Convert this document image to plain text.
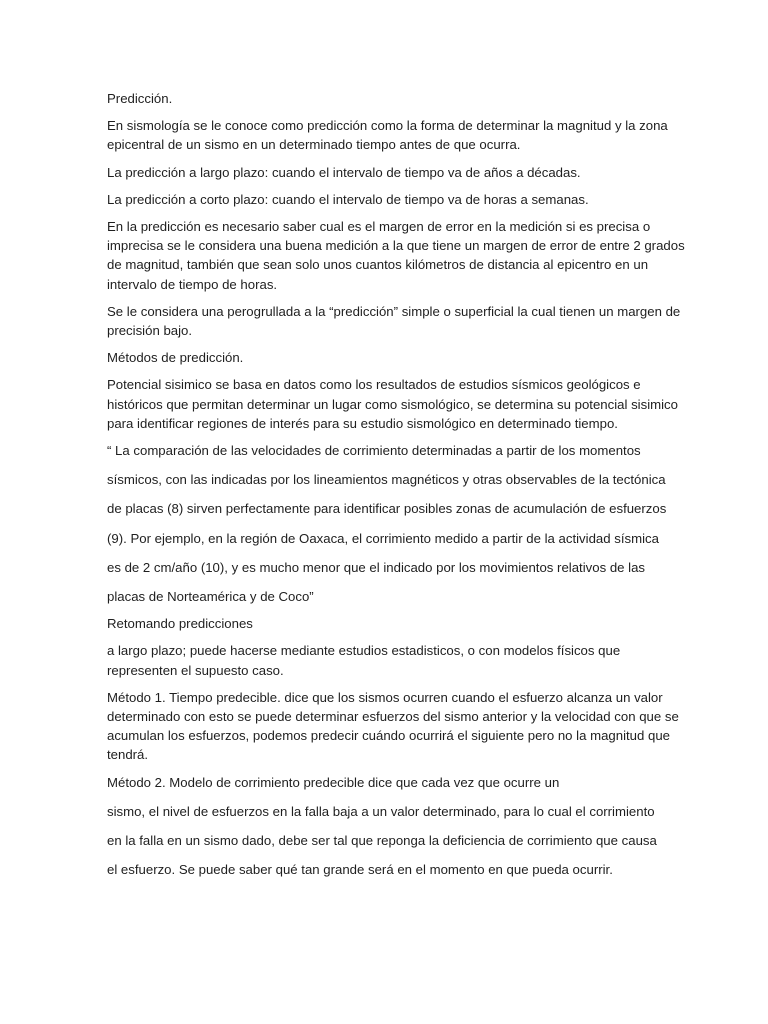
Predicción.

En sismología se le conoce como predicción como la forma de determinar la magnitud y la zona
epicentral de un sismo en un determinado tiempo antes de que ocurra.

La predicción a largo plazo: cuando el intervalo de tiempo va de años a décadas.

La predicción a corto plazo: cuando el intervalo de tiempo va de horas a semanas.

En la predicción es necesario saber cual es el margen de error en la medición si es precisa o
imprecisa se le considera una buena medición a la que tiene un margen de error de entre 2 grados
de magnitud, también que sean solo unos cuantos kilómetros de distancia al epicentro en un
intervalo de tiempo de horas.

Se le considera una perogrullada a la “predicción” simple o superficial la cual tienen un margen de
precisión bajo.

Métodos de predicción.

Potencial sisimico se basa en datos como los resultados de estudios sísmicos geológicos e
históricos que permitan determinar un lugar como sismológico, se determina su potencial sisimico
para identificar regiones de interés para su estudio sismológico en determinado tiempo.

“ La comparación de las velocidades de corrimiento determinadas a partir de los momentos

sísmicos, con las indicadas por los lineamientos magnéticos y otras observables de la tectónica

de placas (8) sirven perfectamente para identificar posibles zonas de acumulación de esfuerzos

(9). Por ejemplo, en la región de Oaxaca, el corrimiento medido a partir de la actividad sísmica

es de 2 cm/año (10), y es mucho menor que el indicado por los movimientos relativos de las

placas de Norteamérica y de Coco”

Retomando predicciones

a largo plazo; puede hacerse mediante estudios estadisticos, o con modelos físicos que
representen el supuesto caso.

Método 1. Tiempo predecible. dice que los sismos ocurren cuando el esfuerzo alcanza un valor
determinado con esto se puede determinar esfuerzos del sismo anterior y la velocidad con que se
acumulan los esfuerzos, podemos predecir cuándo ocurrirá el siguiente pero no la magnitud que
tendrá.

Método 2. Modelo de corrimiento predecible dice que cada vez que ocurre un

sismo, el nivel de esfuerzos en la falla baja a un valor determinado, para lo cual el corrimiento

en la falla en un sismo dado, debe ser tal que reponga la deficiencia de corrimiento que causa

el esfuerzo. Se puede saber qué tan grande será en el momento en que pueda ocurrir.
